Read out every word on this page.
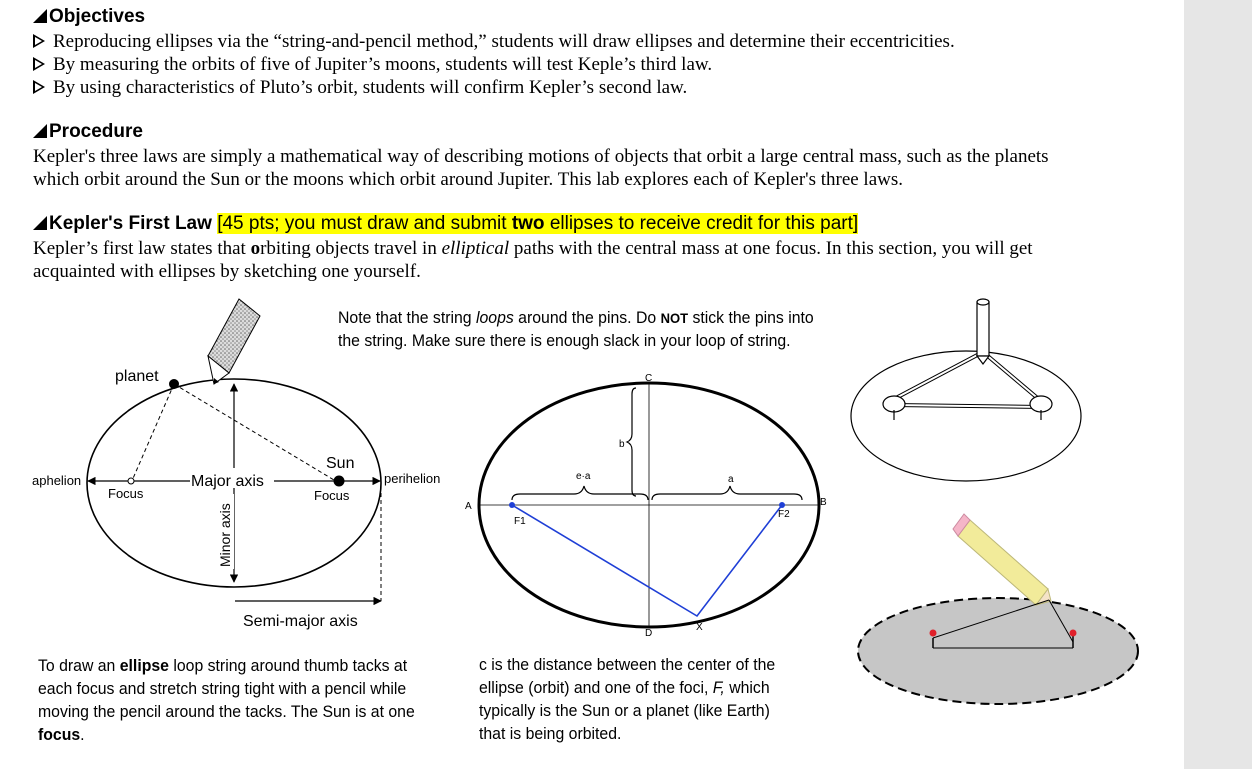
Objectives
Reproducing ellipses via the “string-and-pencil method,” students will draw ellipses and determine their eccentricities.
By measuring the orbits of five of Jupiter’s moons, students will test Keple’s third law.
By using characteristics of Pluto’s orbit, students will confirm Kepler’s second law.
Procedure
Kepler's three laws are simply a mathematical way of describing motions of objects that orbit a large central mass, such as the planets
which orbit around the Sun or the moons which orbit around Jupiter. This lab explores each of Kepler's three laws.
Kepler's First Law [45 pts; you must draw and submit two ellipses to receive credit for this part]
Kepler’s first law states that orbiting objects travel in elliptical paths with the central mass at one focus. In this section, you will get
acquainted with ellipses by sketching one yourself.
Note that the string loops around the pins. Do NOT stick the pins into
the string. Make sure there is enough slack in your loop of string.
planet
aphelion
Focus
Major axis
Sun
Focus
perihelion
Minor axis
Semi-major axis
C
b
e·a	a
A	B
F1
F2
D
X
To draw an ellipse loop string around thumb tacks at
each focus and stretch string tight with a pencil while
moving the pencil around the tacks. The Sun is at one
focus.
c is the distance between the center of the
ellipse (orbit) and one of the foci, F, which
typically is the Sun or a planet (like Earth)
that is being orbited.
